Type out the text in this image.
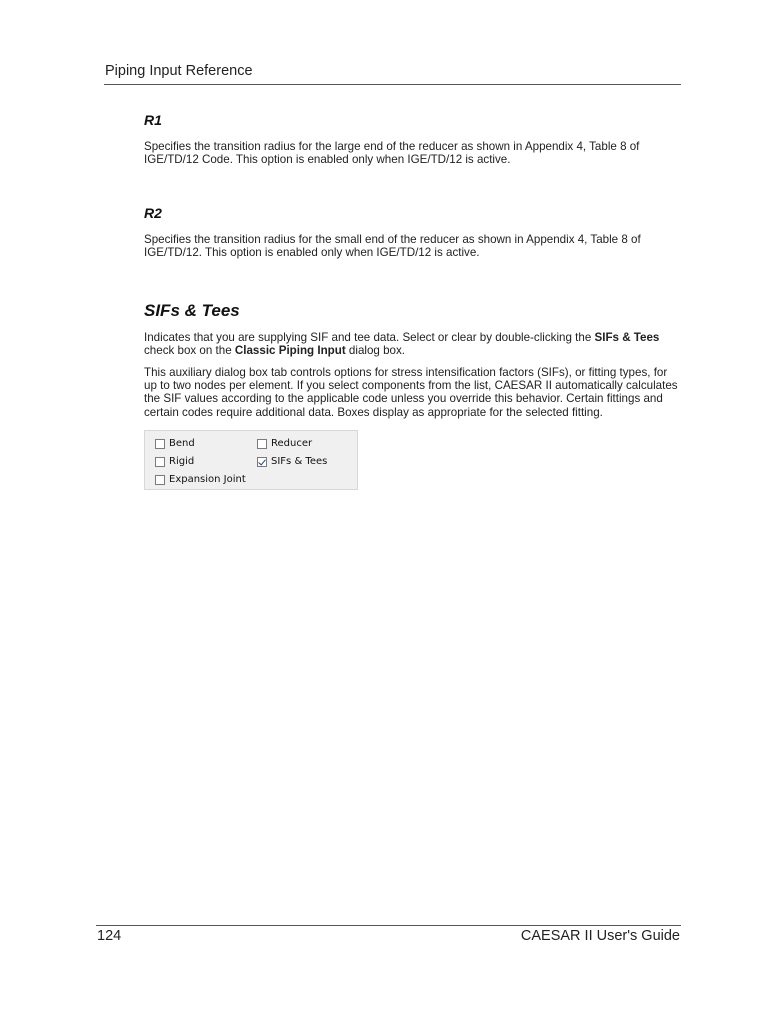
Piping Input Reference
R1

Specifies the transition radius for the large end of the reducer as shown in Appendix 4, Table 8 of IGE/TD/12 Code. This option is enabled only when IGE/TD/12 is active.

R2

Specifies the transition radius for the small end of the reducer as shown in Appendix 4, Table 8 of IGE/TD/12. This option is enabled only when IGE/TD/12 is active.

SIFs & Tees

Indicates that you are supplying SIF and tee data. Select or clear by double-clicking the SIFs & Tees check box on the Classic Piping Input dialog box.

This auxiliary dialog box tab controls options for stress intensification factors (SIFs), or fitting types, for up to two nodes per element. If you select components from the list, CAESAR II automatically calculates the SIF values according to the applicable code unless you override this behavior. Certain fittings and certain codes require additional data. Boxes display as appropriate for the selected fitting.

Bend	Reducer
Rigid	SIFs & Tees
Expansion Joint
124	CAESAR II User's Guide
